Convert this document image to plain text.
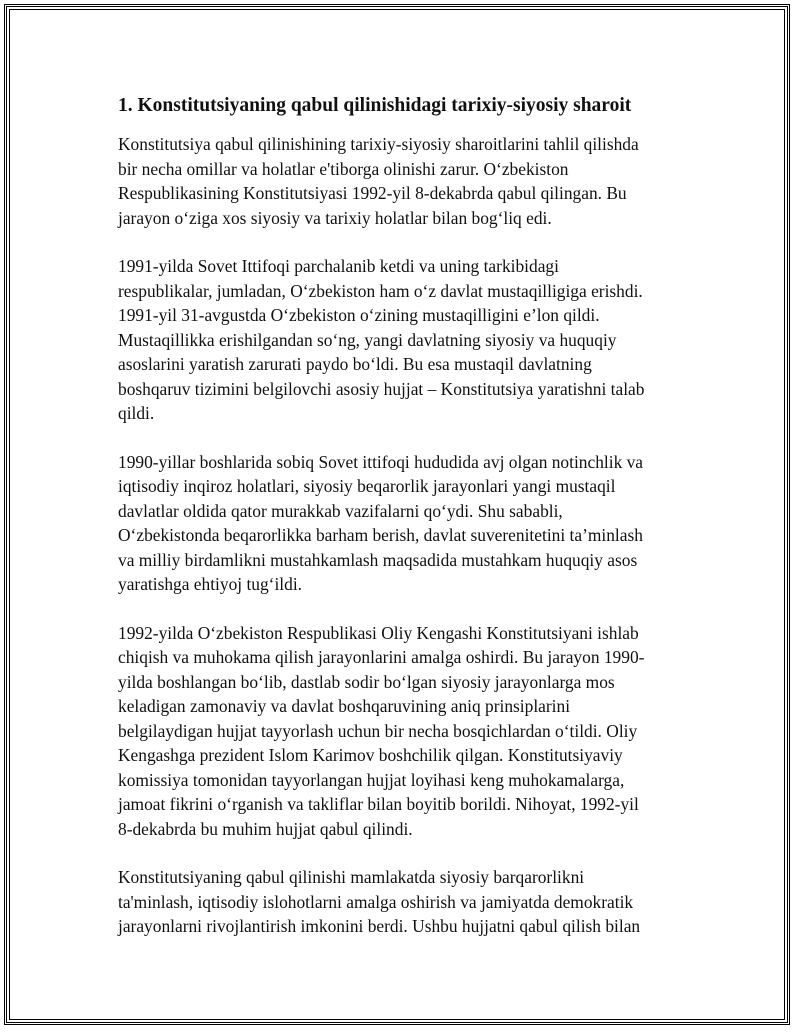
1. Konstitutsiyaning qabul qilinishidagi tarixiy-siyosiy sharoit

Konstitutsiya qabul qilinishining tarixiy-siyosiy sharoitlarini tahlil qilishda
bir necha omillar va holatlar e'tiborga olinishi zarur. O‘zbekiston
Respublikasining Konstitutsiyasi 1992-yil 8-dekabrda qabul qilingan. Bu
jarayon o‘ziga xos siyosiy va tarixiy holatlar bilan bog‘liq edi.

1991-yilda Sovet Ittifoqi parchalanib ketdi va uning tarkibidagi
respublikalar, jumladan, O‘zbekiston ham o‘z davlat mustaqilligiga erishdi.
1991-yil 31-avgustda O‘zbekiston o‘zining mustaqilligini e’lon qildi.
Mustaqillikka erishilgandan so‘ng, yangi davlatning siyosiy va huquqiy
asoslarini yaratish zarurati paydo bo‘ldi. Bu esa mustaqil davlatning
boshqaruv tizimini belgilovchi asosiy hujjat – Konstitutsiya yaratishni talab
qildi.

1990-yillar boshlarida sobiq Sovet ittifoqi hududida avj olgan notinchlik va
iqtisodiy inqiroz holatlari, siyosiy beqarorlik jarayonlari yangi mustaqil
davlatlar oldida qator murakkab vazifalarni qo‘ydi. Shu sababli,
O‘zbekistonda beqarorlikka barham berish, davlat suverenitetini ta’minlash
va milliy birdamlikni mustahkamlash maqsadida mustahkam huquqiy asos
yaratishga ehtiyoj tug‘ildi.

1992-yilda O‘zbekiston Respublikasi Oliy Kengashi Konstitutsiyani ishlab
chiqish va muhokama qilish jarayonlarini amalga oshirdi. Bu jarayon 1990-
yilda boshlangan bo‘lib, dastlab sodir bo‘lgan siyosiy jarayonlarga mos
keladigan zamonaviy va davlat boshqaruvining aniq prinsiplarini
belgilaydigan hujjat tayyorlash uchun bir necha bosqichlardan o‘tildi. Oliy
Kengashga prezident Islom Karimov boshchilik qilgan. Konstitutsiyaviy
komissiya tomonidan tayyorlangan hujjat loyihasi keng muhokamalarga,
jamoat fikrini o‘rganish va takliflar bilan boyitib borildi. Nihoyat, 1992-yil
8-dekabrda bu muhim hujjat qabul qilindi.

Konstitutsiyaning qabul qilinishi mamlakatda siyosiy barqarorlikni
ta'minlash, iqtisodiy islohotlarni amalga oshirish va jamiyatda demokratik
jarayonlarni rivojlantirish imkonini berdi. Ushbu hujjatni qabul qilish bilan
